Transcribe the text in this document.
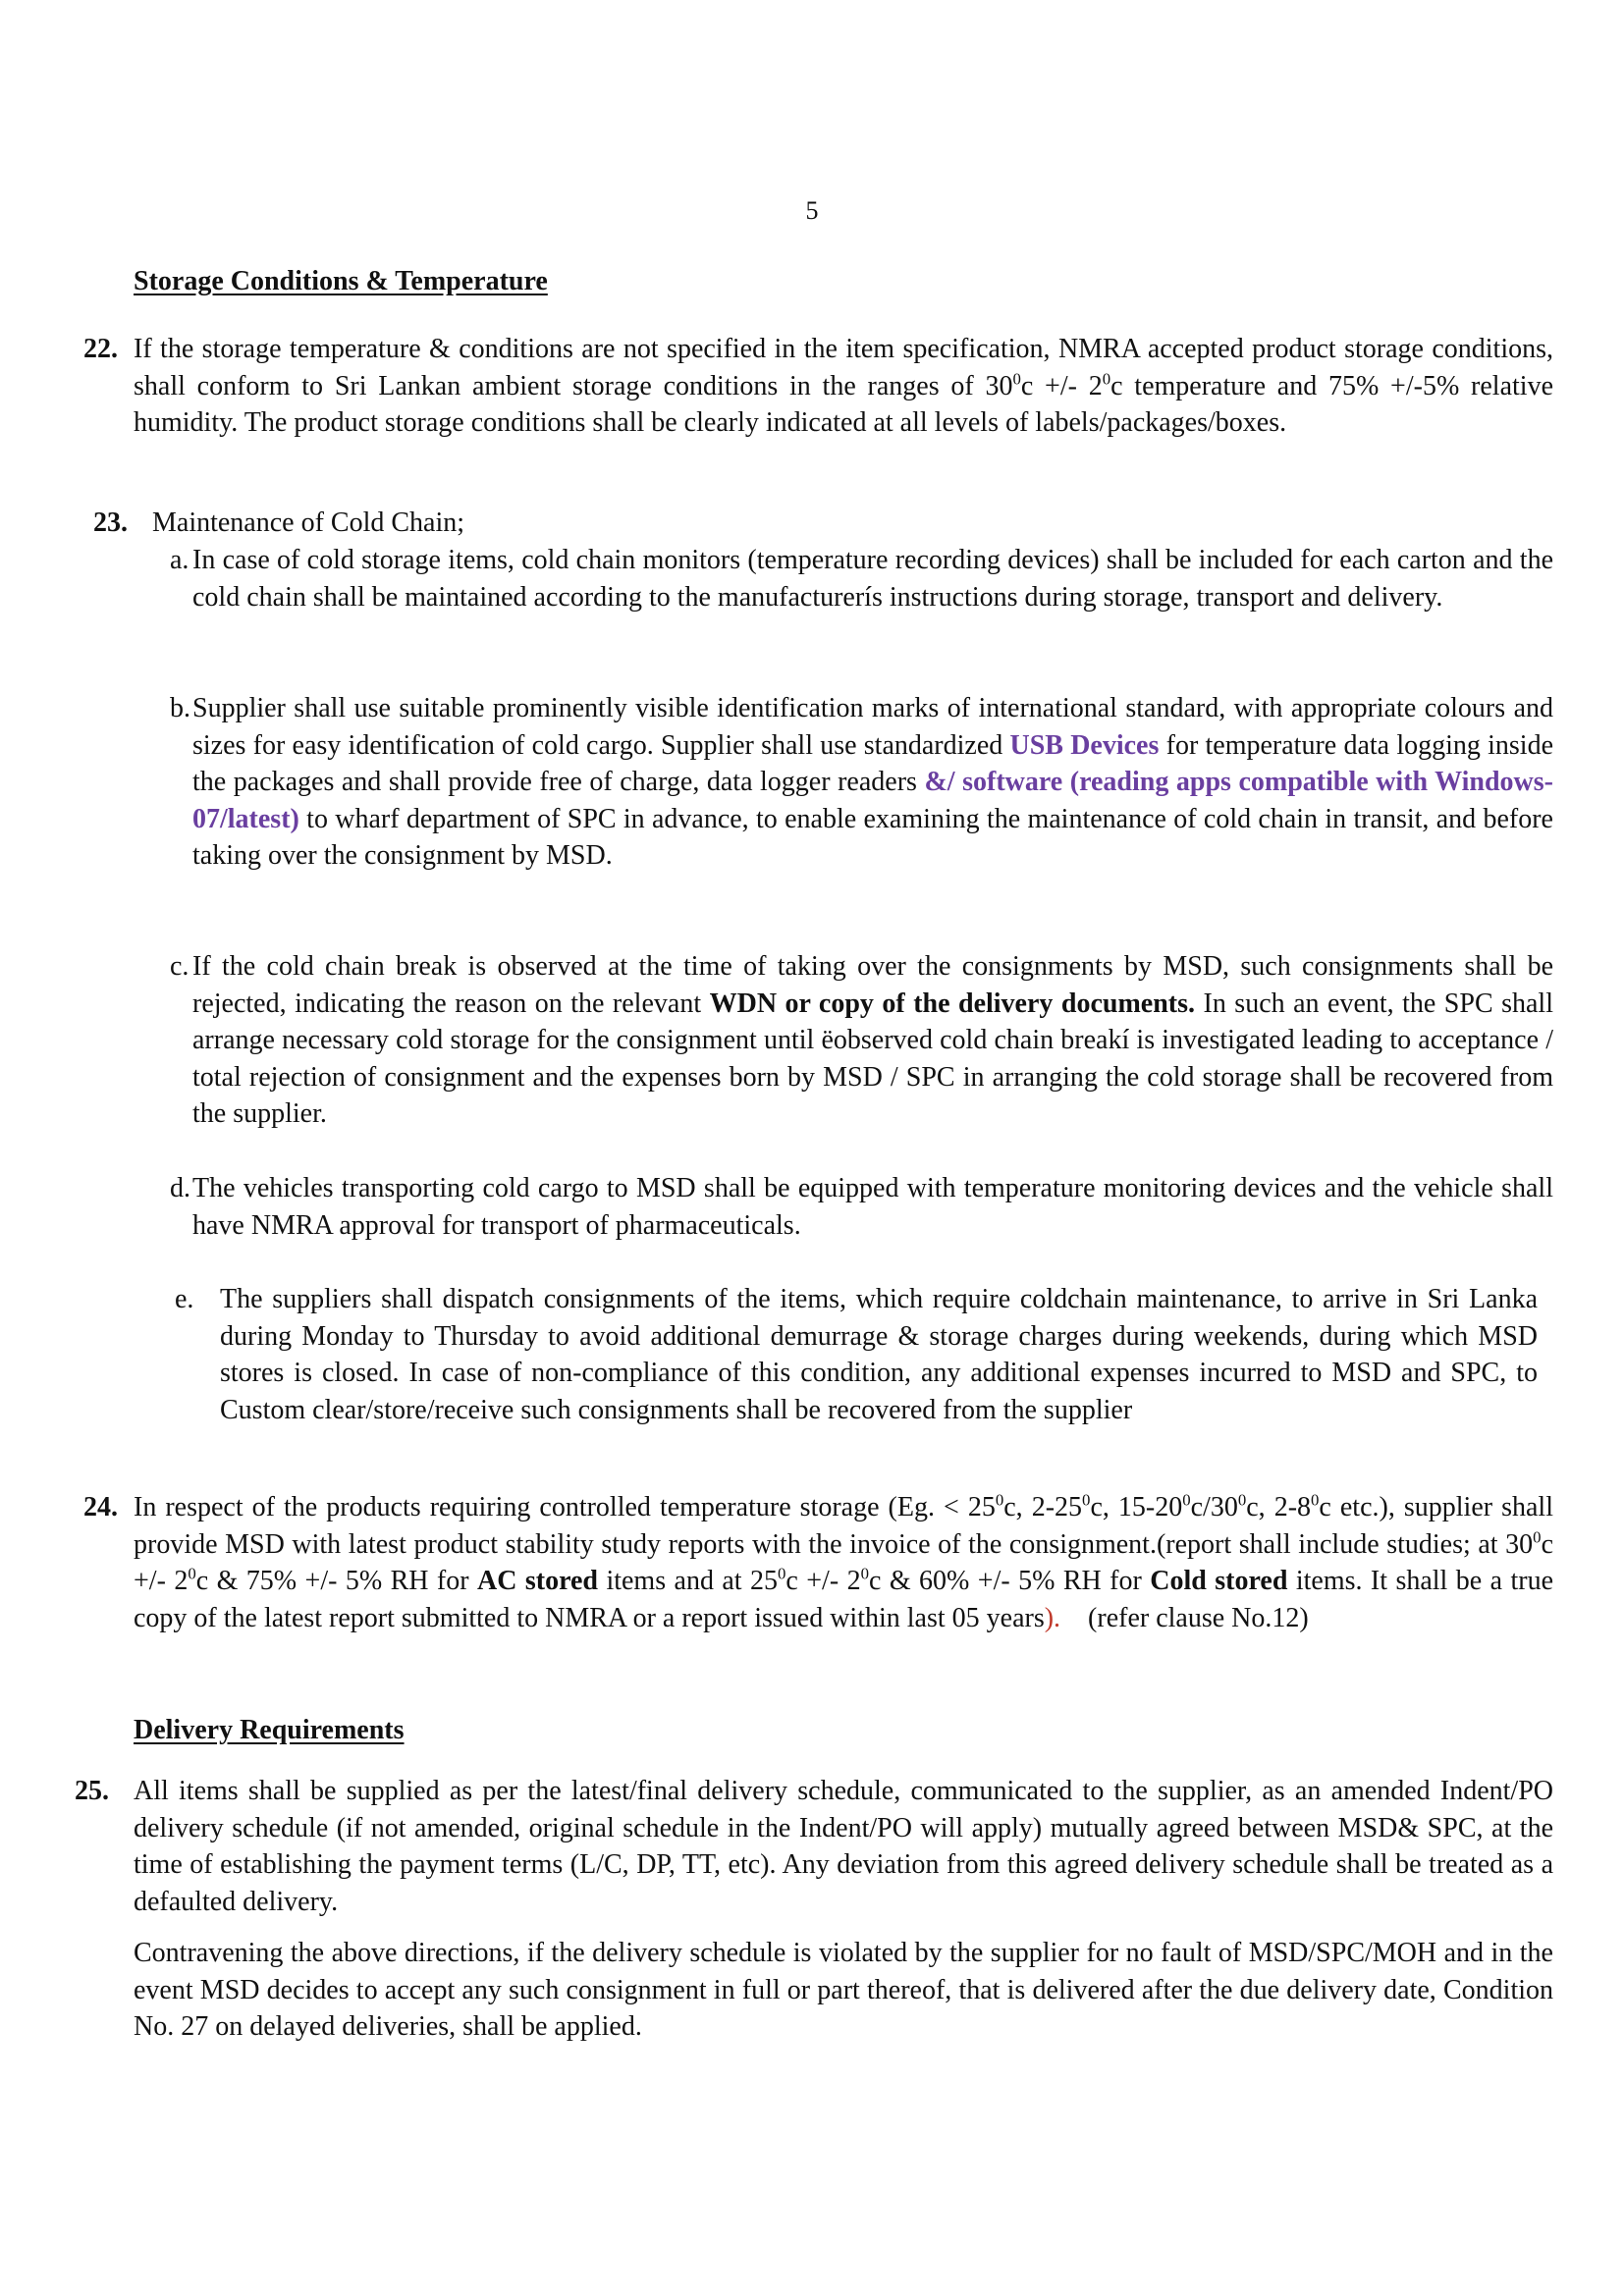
5
Storage Conditions & Temperature
22. If the storage temperature & conditions are not specified in the item specification, NMRA accepted product storage conditions, shall conform to Sri Lankan ambient storage conditions in the ranges of $30^0c$ +/- $2^0c$ temperature and 75% +/-5% relative humidity. The product storage conditions shall be clearly indicated at all levels of labels/packages/boxes.
23. Maintenance of Cold Chain;
a. In case of cold storage items, cold chain monitors (temperature recording devices) shall be included for each carton and the cold chain shall be maintained according to the manufacturerís instructions during storage, transport and delivery.
b. Supplier shall use suitable prominently visible identification marks of international standard, with appropriate colours and sizes for easy identification of cold cargo. Supplier shall use standardized USB Devices for temperature data logging inside the packages and shall provide free of charge, data logger readers &/ software (reading apps compatible with Windows-07/latest) to wharf department of SPC in advance, to enable examining the maintenance of cold chain in transit, and before taking over the consignment by MSD.
c. If the cold chain break is observed at the time of taking over the consignments by MSD, such consignments shall be rejected, indicating the reason on the relevant WDN or copy of the delivery documents. In such an event, the SPC shall arrange necessary cold storage for the consignment until ëobserved cold chain breakí is investigated leading to acceptance / total rejection of consignment and the expenses born by MSD / SPC in arranging the cold storage shall be recovered from the supplier.
d. The vehicles transporting cold cargo to MSD shall be equipped with temperature monitoring devices and the vehicle shall have NMRA approval for transport of pharmaceuticals.
e. The suppliers shall dispatch consignments of the items, which require coldchain maintenance, to arrive in Sri Lanka during Monday to Thursday to avoid additional demurrage & storage charges during weekends, during which MSD stores is closed. In case of non-compliance of this condition, any additional expenses incurred to MSD and SPC, to Custom clear/store/receive such consignments shall be recovered from the supplier
24. In respect of the products requiring controlled temperature storage (Eg. < $25^0c$, $2-25^0c$, $15-20^0c/30^0c$, $2-8^0c$ etc.), supplier shall provide MSD with latest product stability study reports with the invoice of the consignment.(report shall include studies; at $30^0c$ +/- $2^0c$ & 75% +/- 5% RH for AC stored items and at $25^0c$ +/- $2^0c$ & 60% +/- 5% RH for Cold stored items. It shall be a true copy of the latest report submitted to NMRA or a report issued within last 05 years).    (refer clause No.12)
Delivery Requirements
25. All items shall be supplied as per the latest/final delivery schedule, communicated to the supplier, as an amended Indent/PO delivery schedule (if not amended, original schedule in the Indent/PO will apply) mutually agreed between MSD& SPC, at the time of establishing the payment terms (L/C, DP, TT, etc). Any deviation from this agreed delivery schedule shall be treated as a defaulted delivery.
Contravening the above directions, if the delivery schedule is violated by the supplier for no fault of MSD/SPC/MOH and in the event MSD decides to accept any such consignment in full or part thereof, that is delivered after the due delivery date, Condition No. 27 on delayed deliveries, shall be applied.
